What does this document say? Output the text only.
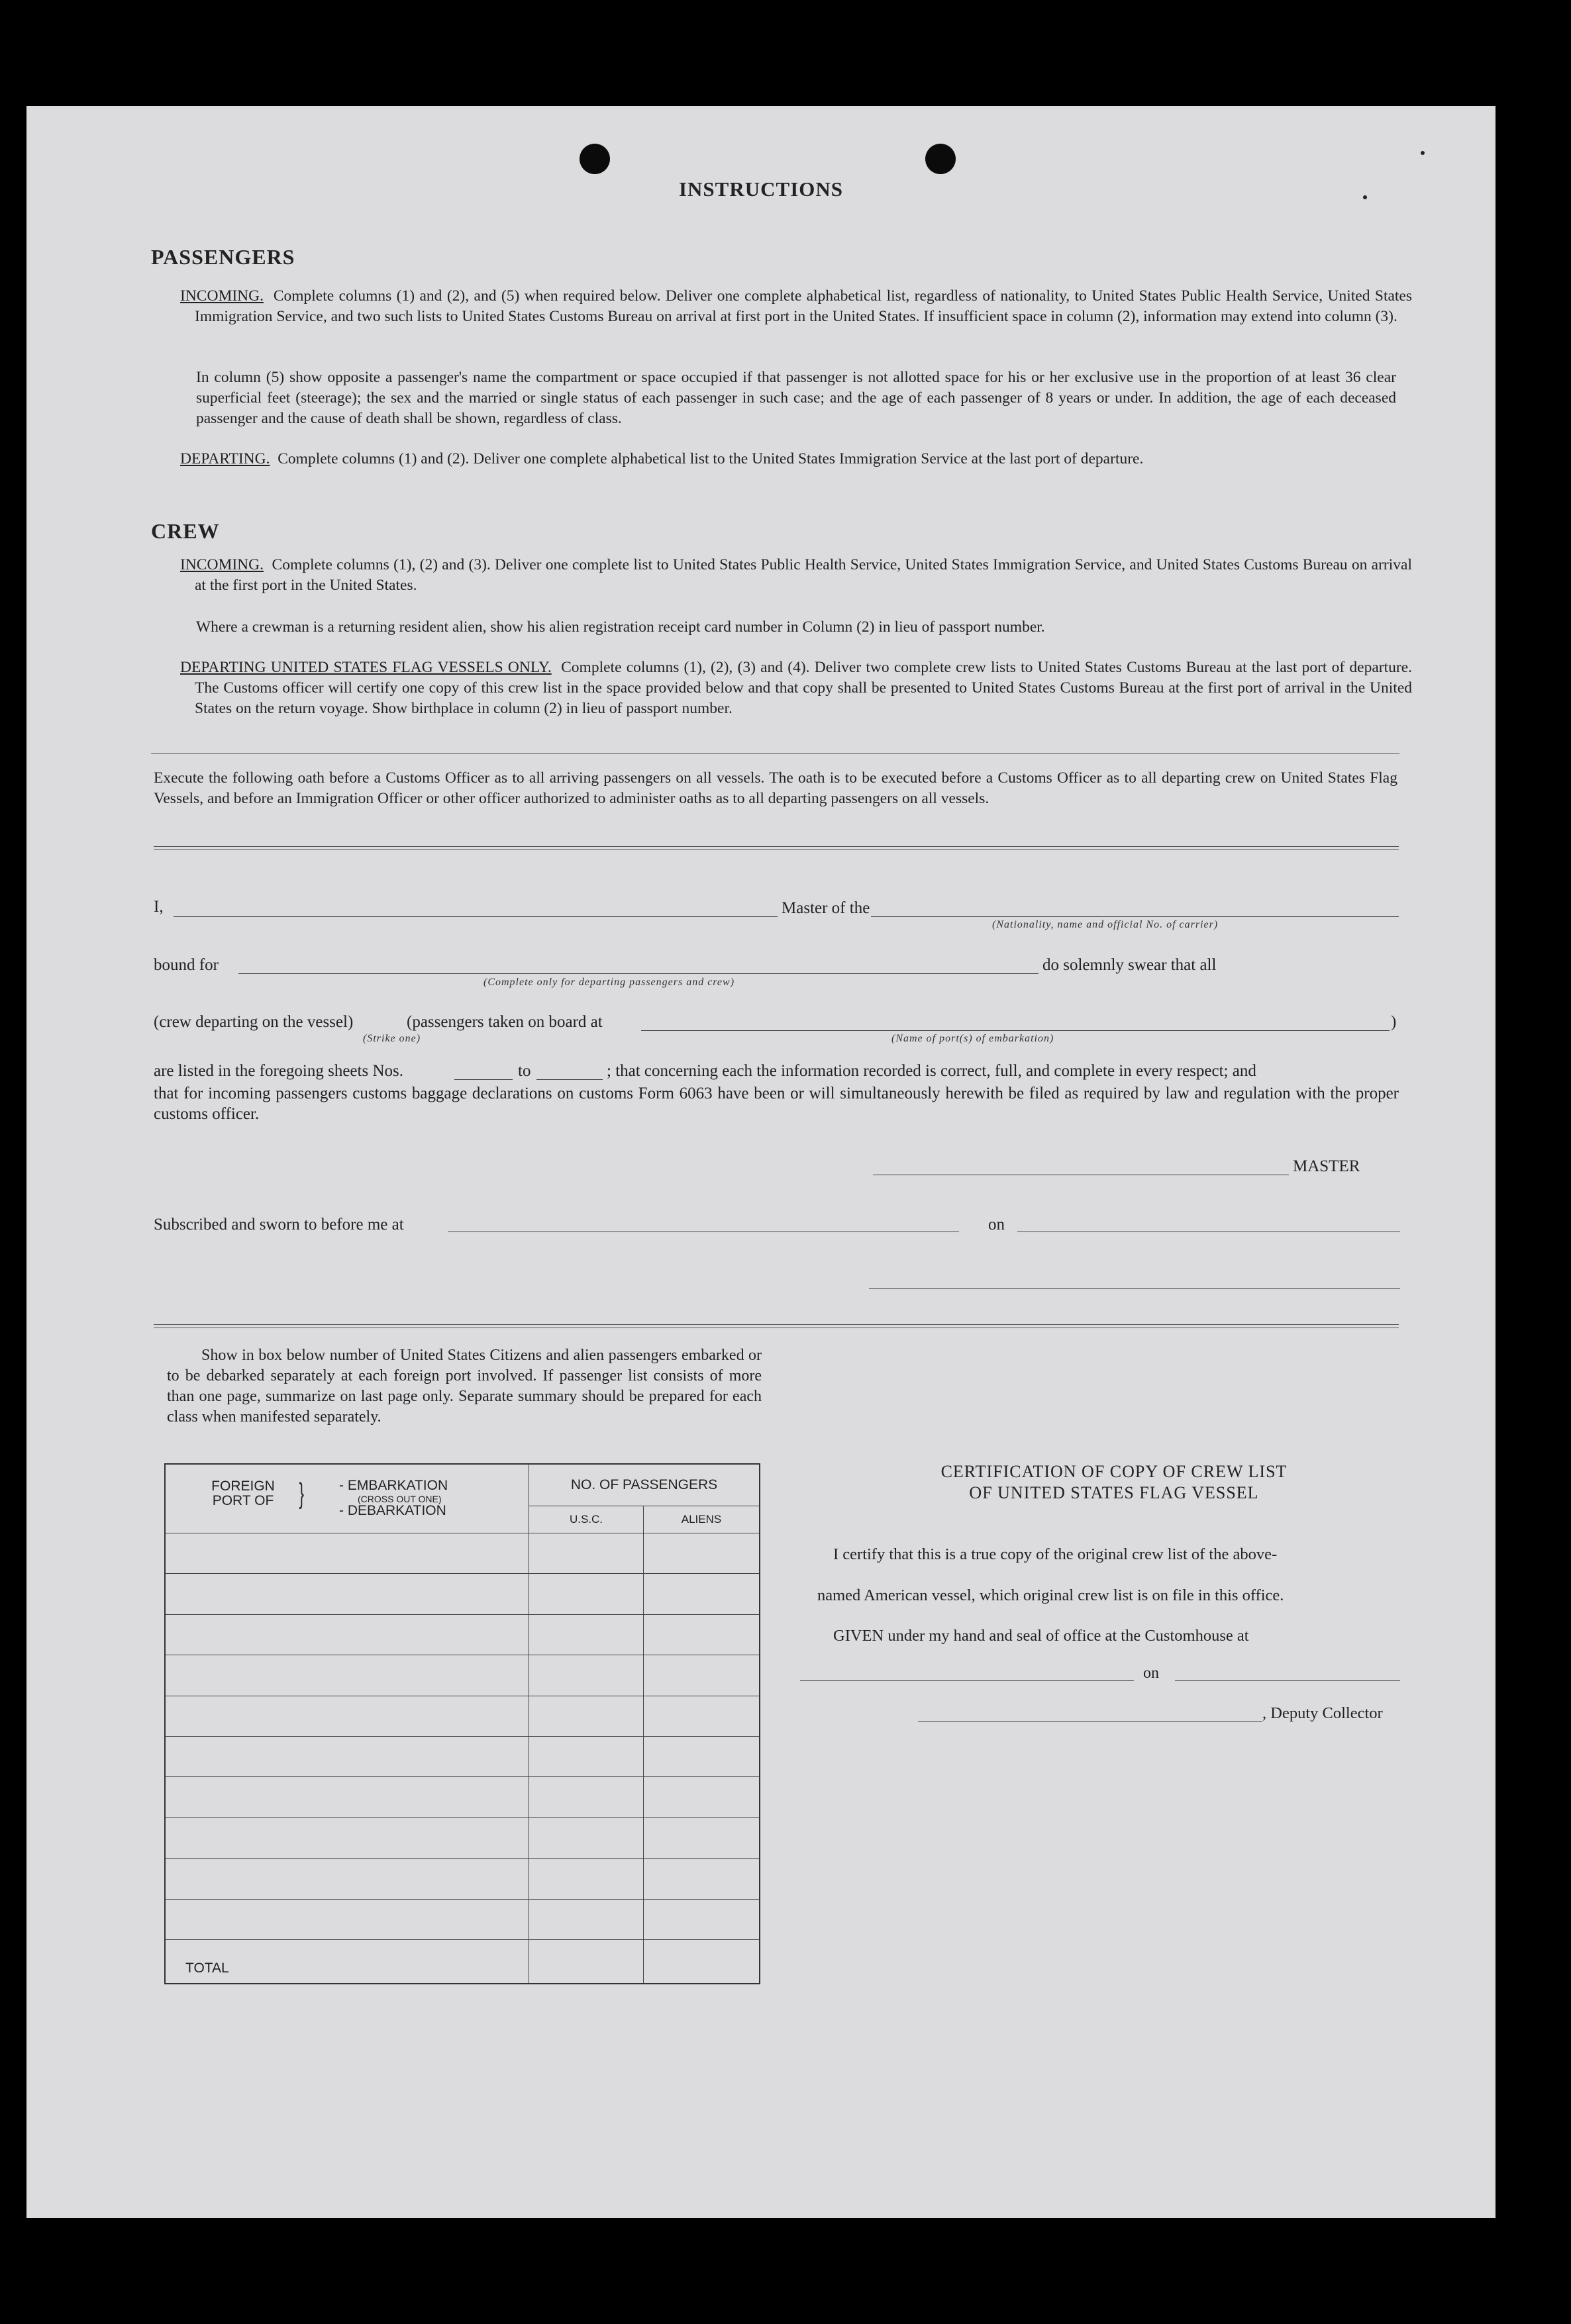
INSTRUCTIONS
PASSENGERS
INCOMING. Complete columns (1) and (2), and (5) when required below. Deliver one complete alphabetical list, regardless of nationality, to United States Public Health Service, United States Immigration Service, and two such lists to United States Customs Bureau on arrival at first port in the United States. If insufficient space in column (2), information may extend into column (3).
In column (5) show opposite a passenger's name the compartment or space occupied if that passenger is not allotted space for his or her exclusive use in the proportion of at least 36 clear superficial feet (steerage); the sex and the married or single status of each passenger in such case; and the age of each passenger of 8 years or under. In addition, the age of each deceased passenger and the cause of death shall be shown, regardless of class.
DEPARTING. Complete columns (1) and (2). Deliver one complete alphabetical list to the United States Immigration Service at the last port of departure.
CREW
INCOMING. Complete columns (1), (2) and (3). Deliver one complete list to United States Public Health Service, United States Immigration Service, and United States Customs Bureau on arrival at the first port in the United States.
Where a crewman is a returning resident alien, show his alien registration receipt card number in Column (2) in lieu of passport number.
DEPARTING UNITED STATES FLAG VESSELS ONLY. Complete columns (1), (2), (3) and (4). Deliver two complete crew lists to United States Customs Bureau at the last port of departure. The Customs officer will certify one copy of this crew list in the space provided below and that copy shall be presented to United States Customs Bureau at the first port of arrival in the United States on the return voyage. Show birthplace in column (2) in lieu of passport number.
Execute the following oath before a Customs Officer as to all arriving passengers on all vessels. The oath is to be executed before a Customs Officer as to all departing crew on United States Flag Vessels, and before an Immigration Officer or other officer authorized to administer oaths as to all departing passengers on all vessels.
I,	Master of the
(Nationality, name and official No. of carrier)
bound for
(Complete only for departing passengers and crew)
do solemnly swear that all
(crew departing on the vessel)	(passengers taken on board at	)
(Strike one)	(Name of port(s) of embarkation)
are listed in the foregoing sheets Nos.	to	; that concerning each the information recorded is correct, full, and complete in every respect; and
that for incoming passengers customs baggage declarations on customs Form 6063 have been or will simultaneously herewith be filed as required by law and regulation with the proper customs officer.
MASTER
Subscribed and sworn to before me at	on
Show in box below number of United States Citizens and alien passengers embarked or to be debarked separately at each foreign port involved. If passenger list consists of more than one page, summarize on last page only. Separate summary should be prepared for each class when manifested separately.
FOREIGN PORT OF } - EMBARKATION
(CROSS OUT ONE)
- DEBARKATION	NO. OF PASSENGERS	
	U.S.C.	ALIENS

TOTAL		
CERTIFICATION OF COPY OF CREW LIST
OF UNITED STATES FLAG VESSEL
I certify that this is a true copy of the original crew list of the above-
named American vessel, which original crew list is on file in this office.
GIVEN under my hand and seal of office at the Customhouse at
on
, Deputy Collector
